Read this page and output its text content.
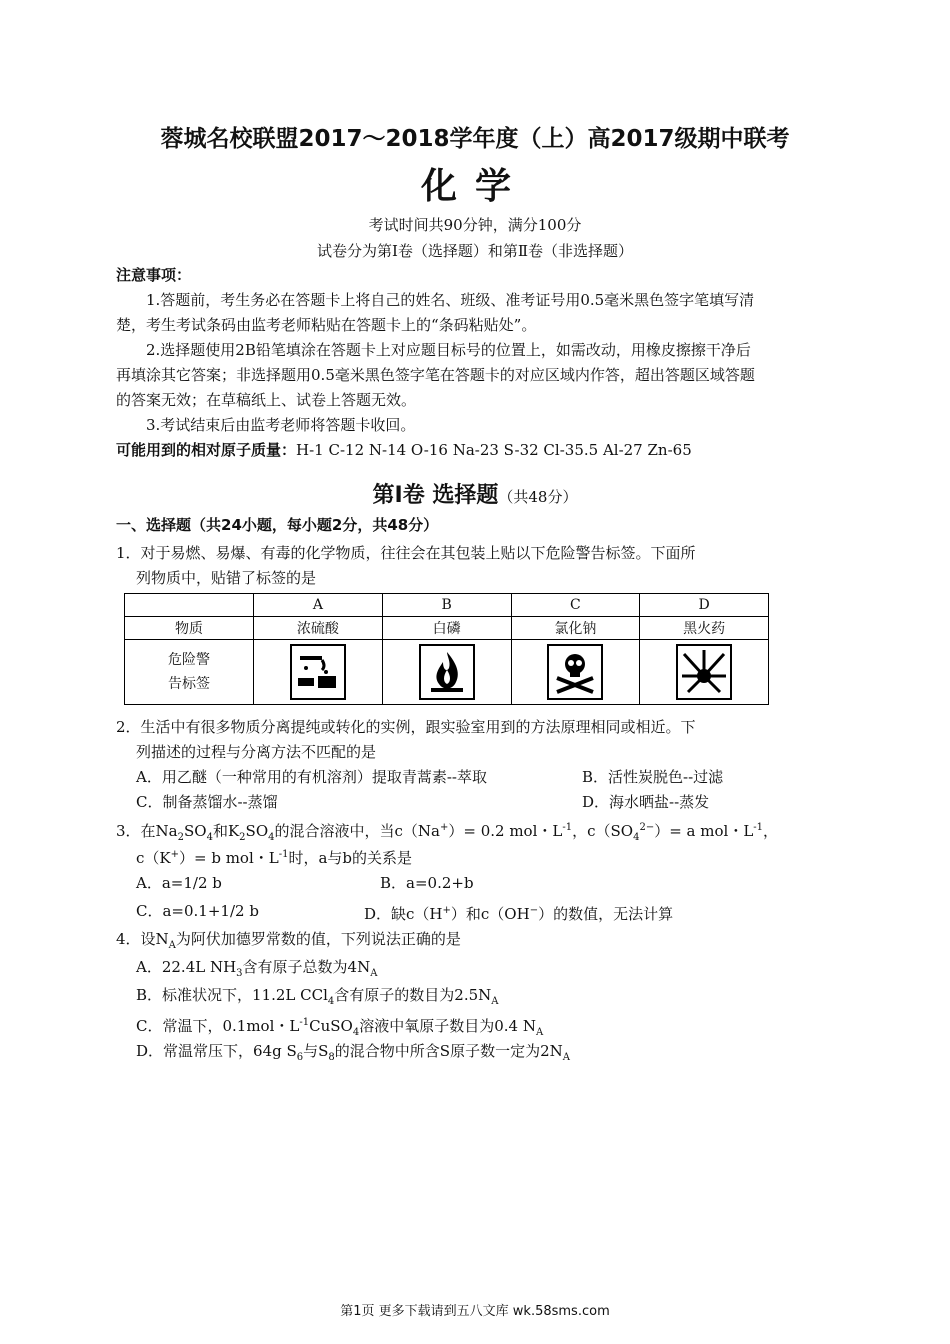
蓉城名校联盟2017～2018学年度（上）高2017级期中联考
化学
考试时间共90分钟，满分100分
试卷分为第Ⅰ卷（选择题）和第Ⅱ卷（非选择题）
注意事项：
1.答题前，考生务必在答题卡上将自己的姓名、班级、准考证号用0.5毫米黑色签字笔填写清
楚，考生考试条码由监考老师粘贴在答题卡上的“条码粘贴处”。
2.选择题使用2B铅笔填涂在答题卡上对应题目标号的位置上，如需改动，用橡皮擦擦干净后
再填涂其它答案；非选择题用0.5毫米黑色签字笔在答题卡的对应区域内作答，超出答题区域答题
的答案无效；在草稿纸上、试卷上答题无效。
3.考试结束后由监考老师将答题卡收回。
可能用到的相对原子质量：H-1 C-12 N-14 O-16 Na-23 S-32 Cl-35.5 Al-27 Zn-65
第Ⅰ卷 选择题（共48分）
一、选择题（共24小题，每小题2分，共48分）
1．对于易燃、易爆、有毒的化学物质，往往会在其包装上贴以下危险警告标签。下面所
列物质中，贴错了标签的是
	A	B	C	D
物质	浓硫酸	白磷	氯化钠	黑火药

危险警
告标签

2．生活中有很多物质分离提纯或转化的实例，跟实验室用到的方法原理相同或相近。下
列描述的过程与分离方法不匹配的是
A．用乙醚（一种常用的有机溶剂）提取青蒿素--萃取	B．活性炭脱色--过滤
C．制备蒸馏水--蒸馏	D．海水晒盐--蒸发
3．在$Na_2SO_4$和$K_2SO_4$的混合溶液中，当c（Na+）= 0.2 mol・$L^{-1}$，$c(SO_4^{2-})= a$ mol・$L^{-1}$，
c（K+）= b mol・$L^{-1}$时，a与b的关系是
A．a=1/2 b	B．a=0.2+b
C．a=0.1+1/2 b	D．缺c（H+）和c（OH−）的数值，无法计算
4．设$N_A$为阿伏加德罗常数的值，下列说法正确的是
A．22.4L $NH_3$含有原子总数为$4N_A$
B．标准状况下，11.2L CCl$_4$含有原子的数目为$2.5N_A$
C．常温下，0.1mol・$L^{-1}CuSO_4$溶液中氧原子数目为0.4 $N_A$
D．常温常压下，64g $S_6$与$S_8$的混合物中所含S原子数一定为$2N_A$
第1页 更多下载请到五八文库 wk.58sms.com
